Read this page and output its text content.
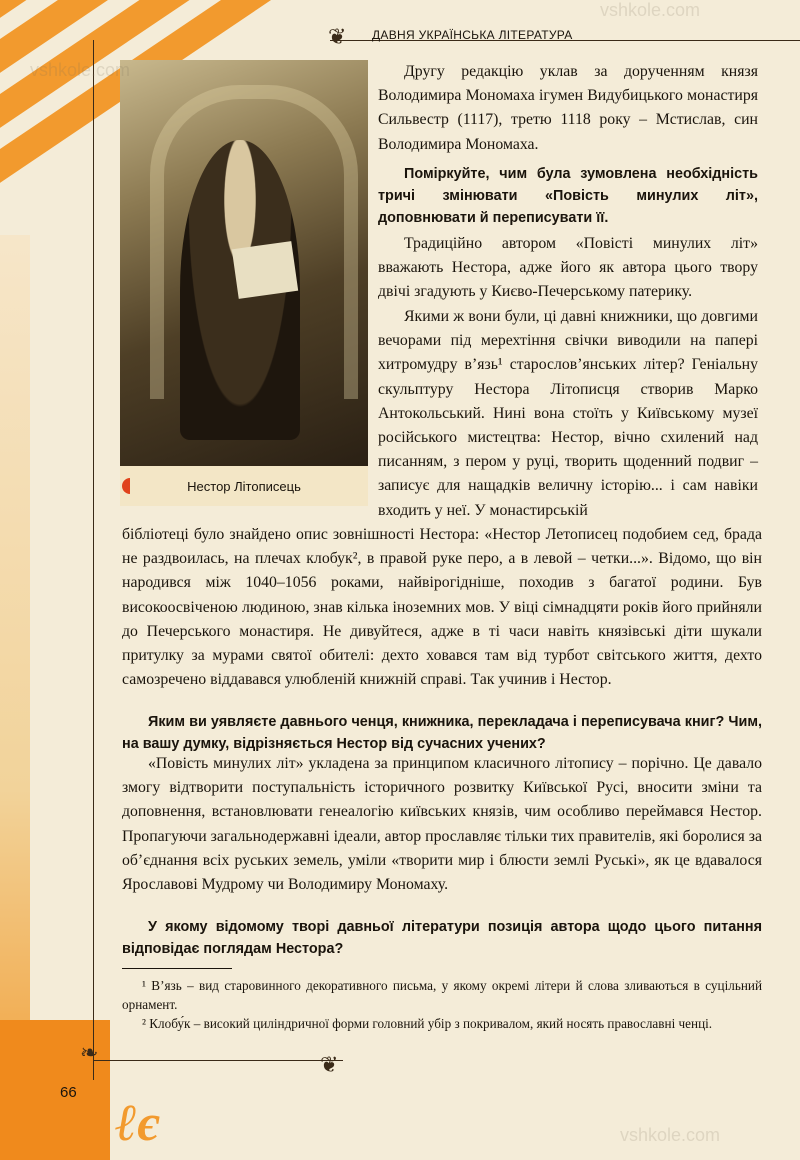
❦
❦
❧
ДАВНЯ УКРАЇНСЬКА ЛІТЕРАТУРА
Нестор Літописець

Другу редакцію уклав за дорученням князя Володимира Мономаха ігумен Видубицького монастиря Сильвестр (1117), третю 1118 року – Мстислав, син Володимира Мономаха.

Поміркуйте, чим була зумовлена необхідність тричі змінювати «Повість минулих літ», доповнювати й переписувати її.

Традиційно автором «Повісті минулих літ» вважають Нестора, адже його як автора цього твору двічі згадують у Києво-Печерському патерику.

Якими ж вони були, ці давні книжники, що довгими вечорами під мерехтіння свічки виводили на папері хитромудру в’язь¹ старослов’янських літер? Геніальну скульптуру Нестора Літописця створив Марко Антокольський. Нині вона стоїть у Київському музеї російського мистецтва: Нестор, вічно схилений над писанням, з пером у руці, творить щоденний подвиг – записує для нащадків величну історію... і сам навіки входить у неї. У монастирській

бібліотеці було знайдено опис зовнішності Нестора: «Нестор Летописец подобием сед, брада не раздвоилась, на плечах клобук², в правой руке перо, а в левой – четки...». Відомо, що він народився між 1040–1056 роками, найвірогідніше, походив з багатої родини. Був високоосвіченою людиною, знав кілька іноземних мов. У віці сімнадцяти років його прийняли до Печерського монастиря. Не дивуйтеся, адже в ті часи навіть князівські діти шукали притулку за мурами святої обителі: дехто ховався там від турбот світського життя, дехто самозречено віддавався улюбленій книжній справі. Так учинив і Нестор.

Яким ви уявляєте давнього ченця, книжника, перекладача і переписувача книг? Чим, на вашу думку, відрізняється Нестор від сучасних учених?

«Повість минулих літ» укладена за принципом класичного літопису – порічно. Це давало змогу відтворити поступальність історичного розвитку Київської Русі, вносити зміни та доповнення, встановлювати генеалогію київських князів, чим особливо переймався Нестор. Пропагуючи загальнодержавні ідеали, автор прославляє тільки тих правителів, які боролися за об’єднання всіх руських земель, уміли «творити мир і блюсти землі Руські», як це вдавалося Ярославові Мудрому чи Володимиру Мономаху.

У якому відомому творі давньої літератури позиція автора щодо цього питання відповідає поглядам Нестора?

¹ В’язь – вид старовинного декоративного письма, у якому окремі літери й слова зливаються в суцільний орнамент.

² Клобу́к – високий циліндричної форми головний убір з покривалом, який носять православні ченці.

66
ℓє
vshkole.com
vshkole.com
vshkole.com
